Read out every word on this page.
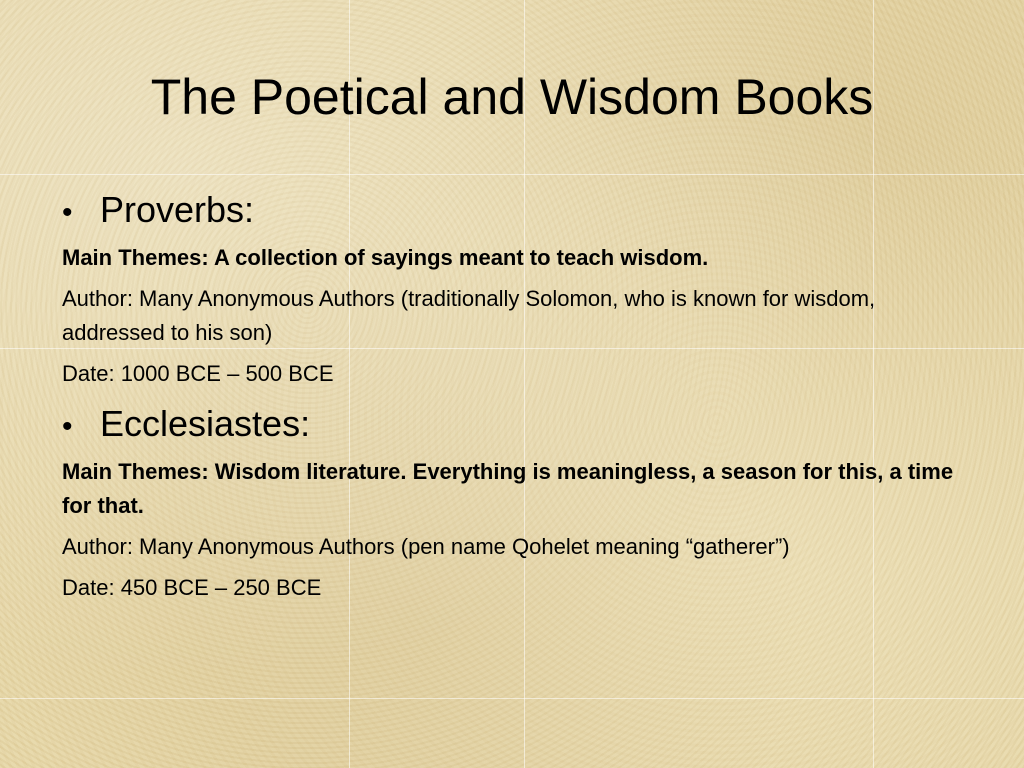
The Poetical and Wisdom Books
• Proverbs:

Main Themes: A collection of sayings meant to teach wisdom.

Author: Many Anonymous Authors (traditionally Solomon, who is known for wisdom, addressed to his son)

Date: 1000 BCE – 500 BCE

• Ecclesiastes:

Main Themes: Wisdom literature. Everything is meaningless, a season for this, a time for that.

Author: Many Anonymous Authors (pen name Qohelet meaning “gatherer”)

Date: 450 BCE – 250 BCE
